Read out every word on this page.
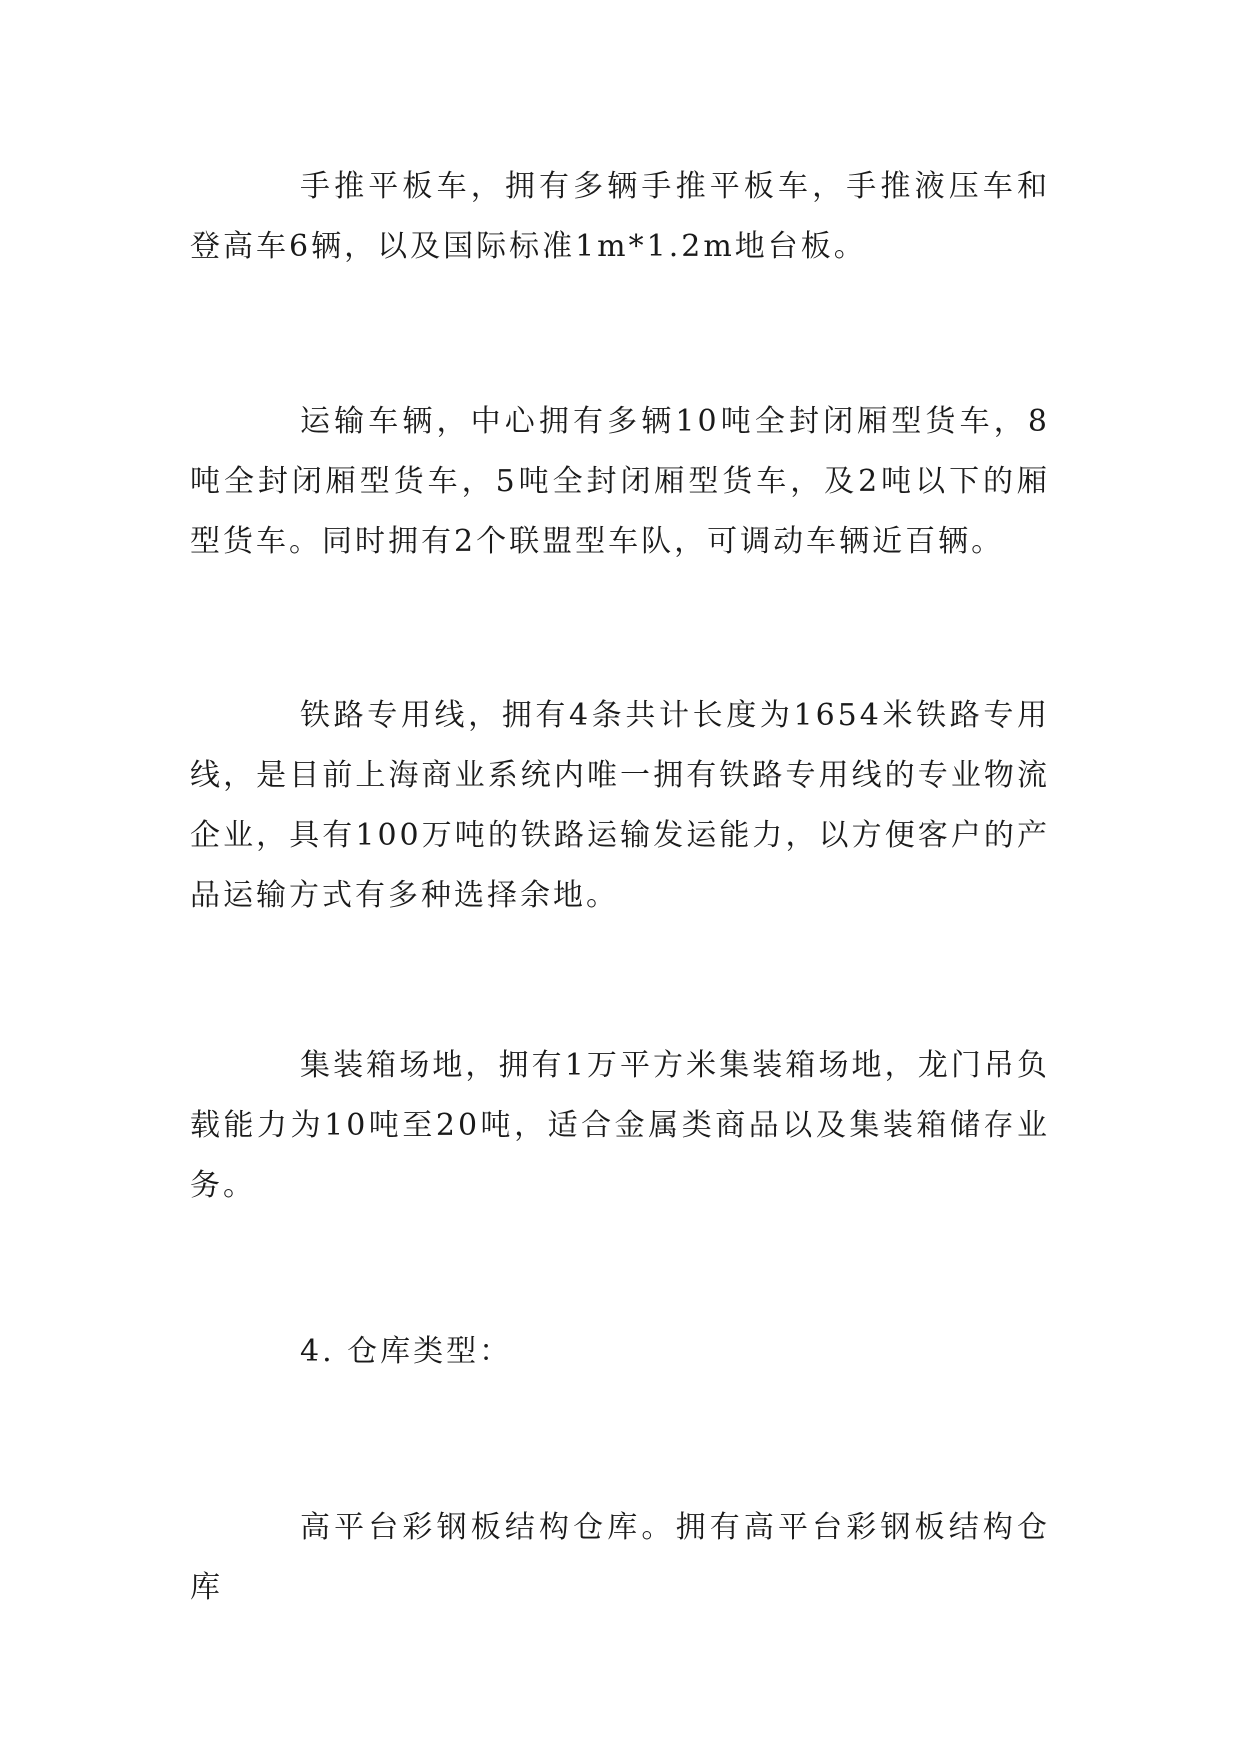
手推平板车，拥有多辆手推平板车，手推液压车和登高车6辆，以及国际标准1m*1.2m地台板。

运输车辆，中心拥有多辆10吨全封闭厢型货车，8吨全封闭厢型货车，5吨全封闭厢型货车，及2吨以下的厢型货车。同时拥有2个联盟型车队，可调动车辆近百辆。

铁路专用线，拥有4条共计长度为1654米铁路专用线，是目前上海商业系统内唯一拥有铁路专用线的专业物流企业，具有100万吨的铁路运输发运能力，以方便客户的产品运输方式有多种选择余地。

集装箱场地，拥有1万平方米集装箱场地，龙门吊负载能力为10吨至20吨，适合金属类商品以及集装箱储存业务。

4. 仓库类型：

高平台彩钢板结构仓库。拥有高平台彩钢板结构仓库
